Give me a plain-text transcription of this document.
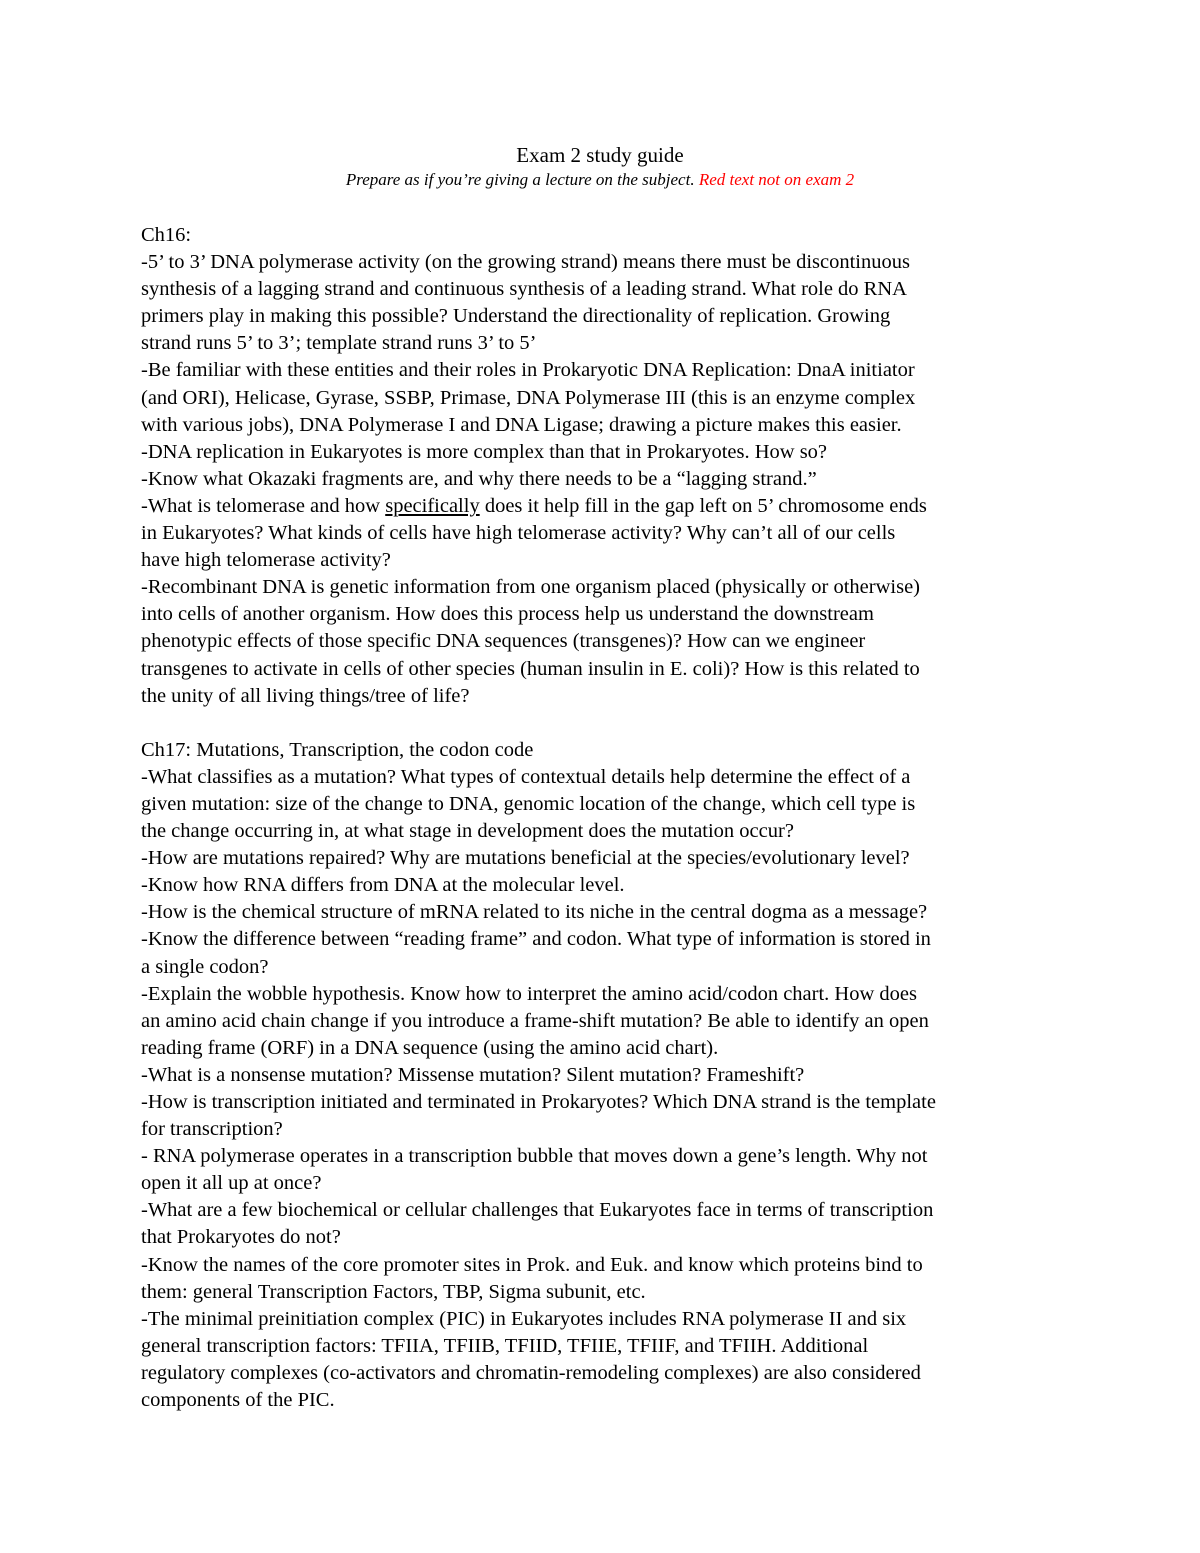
Exam 2 study guide
Prepare as if you’re giving a lecture on the subject. Red text not on exam 2
Ch16:
-5’ to 3’ DNA polymerase activity (on the growing strand) means there must be discontinuous
synthesis of a lagging strand and continuous synthesis of a leading strand. What role do RNA
primers play in making this possible? Understand the directionality of replication. Growing
strand runs 5’ to 3’; template strand runs 3’ to 5’
-Be familiar with these entities and their roles in Prokaryotic DNA Replication: DnaA initiator
(and ORI), Helicase, Gyrase, SSBP, Primase, DNA Polymerase III (this is an enzyme complex
with various jobs), DNA Polymerase I and DNA Ligase; drawing a picture makes this easier.
-DNA replication in Eukaryotes is more complex than that in Prokaryotes. How so?
-Know what Okazaki fragments are, and why there needs to be a “lagging strand.”
-What is telomerase and how specifically does it help fill in the gap left on 5’ chromosome ends
in Eukaryotes? What kinds of cells have high telomerase activity? Why can’t all of our cells
have high telomerase activity?
-Recombinant DNA is genetic information from one organism placed (physically or otherwise)
into cells of another organism. How does this process help us understand the downstream
phenotypic effects of those specific DNA sequences (transgenes)? How can we engineer
transgenes to activate in cells of other species (human insulin in E. coli)? How is this related to
the unity of all living things/tree of life?
Ch17: Mutations, Transcription, the codon code
-What classifies as a mutation? What types of contextual details help determine the effect of a
given mutation: size of the change to DNA, genomic location of the change, which cell type is
the change occurring in, at what stage in development does the mutation occur?
-How are mutations repaired? Why are mutations beneficial at the species/evolutionary level?
-Know how RNA differs from DNA at the molecular level.
-How is the chemical structure of mRNA related to its niche in the central dogma as a message?
-Know the difference between “reading frame” and codon. What type of information is stored in
a single codon?
-Explain the wobble hypothesis. Know how to interpret the amino acid/codon chart. How does
an amino acid chain change if you introduce a frame-shift mutation? Be able to identify an open
reading frame (ORF) in a DNA sequence (using the amino acid chart).
-What is a nonsense mutation? Missense mutation? Silent mutation? Frameshift?
-How is transcription initiated and terminated in Prokaryotes? Which DNA strand is the template
for transcription?
- RNA polymerase operates in a transcription bubble that moves down a gene’s length. Why not
open it all up at once?
-What are a few biochemical or cellular challenges that Eukaryotes face in terms of transcription
that Prokaryotes do not?
-Know the names of the core promoter sites in Prok. and Euk. and know which proteins bind to
them: general Transcription Factors, TBP, Sigma subunit, etc.
-The minimal preinitiation complex (PIC) in Eukaryotes includes RNA polymerase II and six
general transcription factors: TFIIA, TFIIB, TFIID, TFIIE, TFIIF, and TFIIH. Additional
regulatory complexes (co-activators and chromatin-remodeling complexes) are also considered
components of the PIC.
